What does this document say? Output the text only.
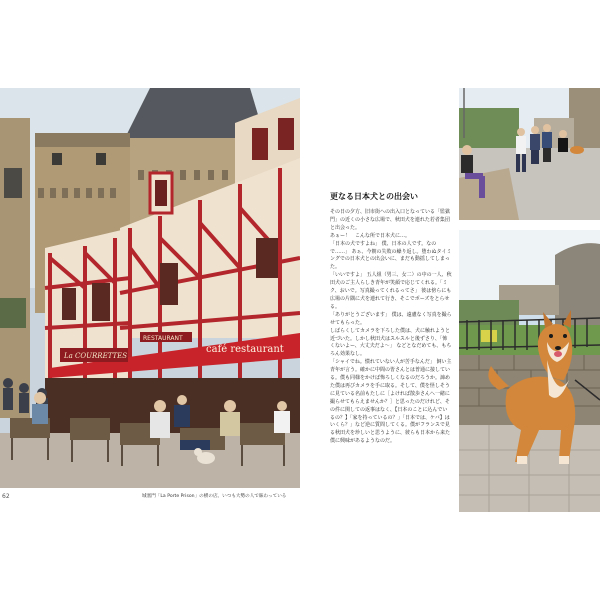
La COURRETTES
RESTAURANT
café restaurant
62	城塞門「La Porte Prison」の横の店。いつも大勢の人で賑わっている
更なる日本犬との出会い

その日の夕方、旧市街への出入口となっている「監獄門」の近くの小さな広場で、秋田犬を連れた若者集団と出会った。

あぁー！　こんな所で日本犬に…。

「日本の犬ですよね」 僕、日本の人です。なので……」 あぁ、今朝の失敗の繰り返し。堕わぬタイミングでの日本犬との出会いに、まだも動揺してしまった。

「いいですよ」 五人組（男三、女二）の中の一人、秋田犬のご主人らしき青年が笑顔で応じてくれる。「ミク、おいで。写真撮ってくれるってさ」 彼は傍らにも広場の片隅に犬を連れて行き、そこでポーズをとらせる。

「ありがとうございます」 僕は、遠慮なく写真を撮らせてもらった。

しばらくしてカメラを下ろした僕は、犬に触れようと近づいた。しかし秋田犬はスルスルと後ずさり、「怖くないよー、大丈夫だよ～」 などとなだめても、もちろん効果なし。

「シャイでね。慣れていない人が苦手なんだ」 飼い主青年が言う。確かに中間の皆さんとは普通に接している。僕も同様をかけば怖ろしくなるのだろうか。諦めた僕は再びカメラを手に取る。そして、僕を怪しそうに見ている名前もたしに［よければ散歩さんへ一緒に撮らせてもらえませんか？］と思ったのだけれど、その件に関しての返事はなく、【日本のことに込んでいるの？】「家を持っているの？」「日本では、ケバ】はいくら？」など逆に質問してくる。僕がフランスで見る秋田犬を珍しいと思うように、彼らも日本から来た僕に興味があるようなのだ。
